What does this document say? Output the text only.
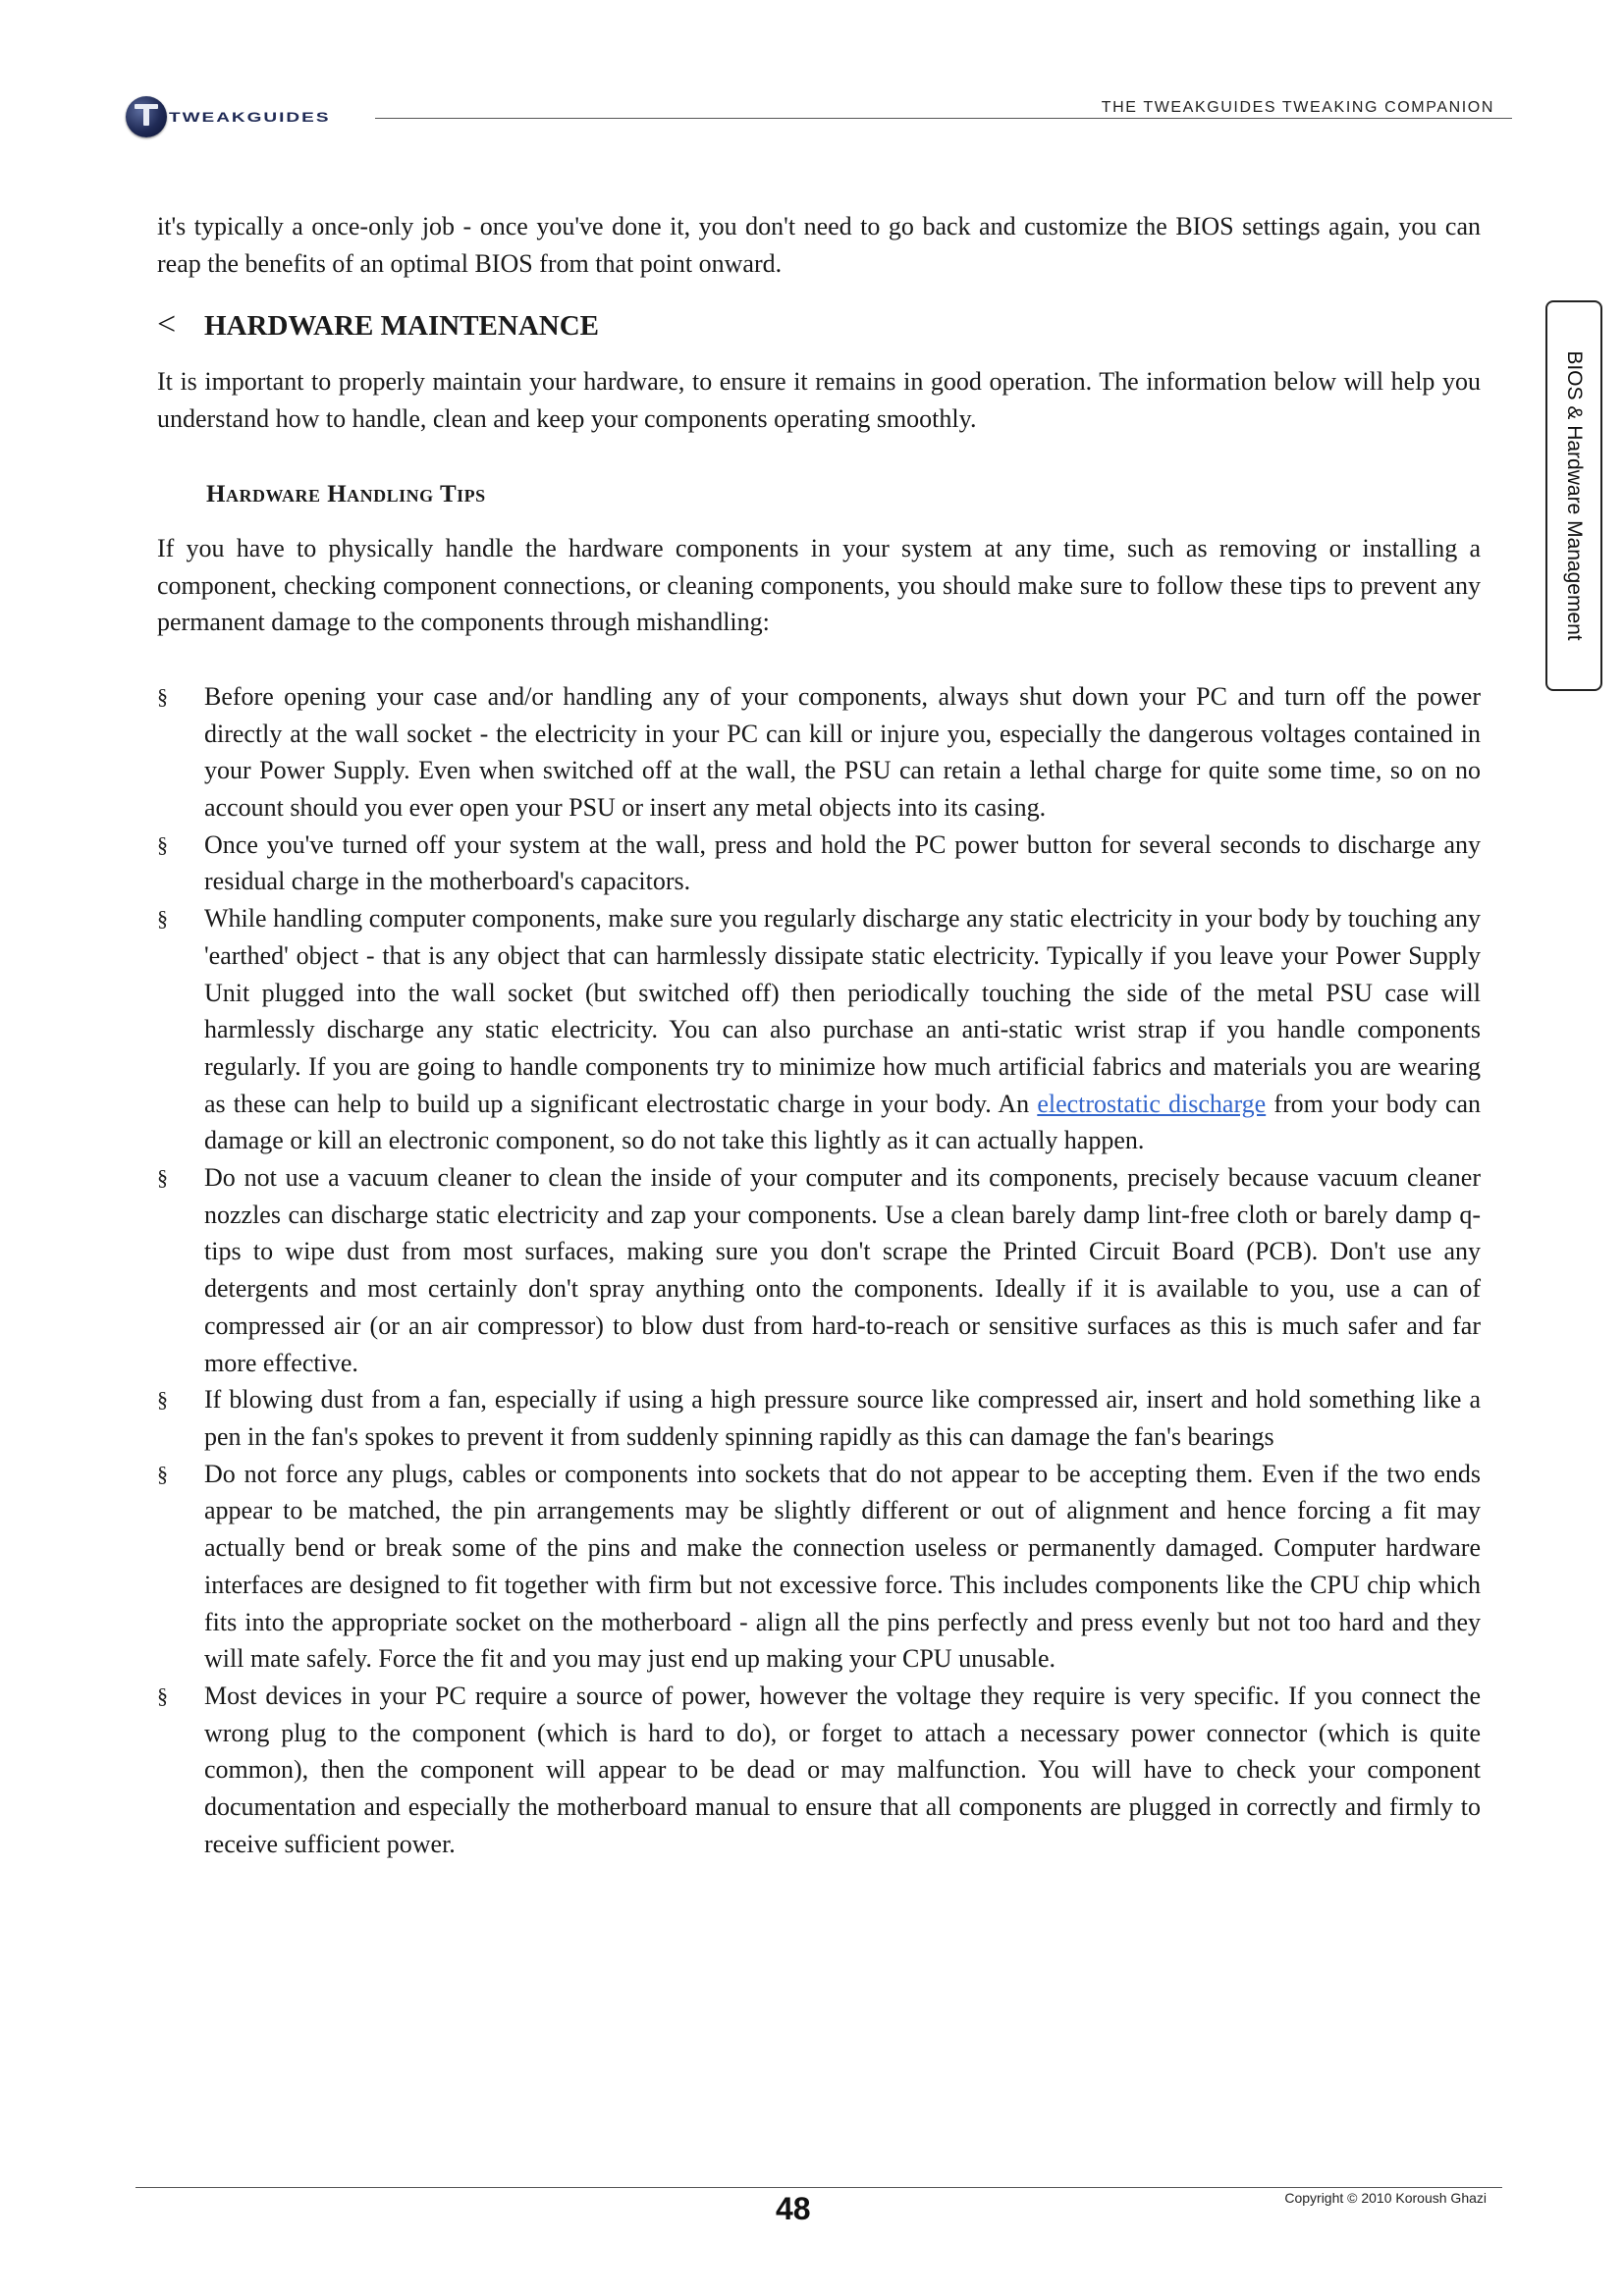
TWEAKGUIDES
THE TWEAKGUIDES TWEAKING COMPANION
BIOS & Hardware Management

it's typically a once-only job - once you've done it, you don't need to go back and customize the BIOS settings again, you can reap the benefits of an optimal BIOS from that point onward.

< HARDWARE MAINTENANCE

It is important to properly maintain your hardware, to ensure it remains in good operation. The information below will help you understand how to handle, clean and keep your components operating smoothly.

Hardware Handling Tips

If you have to physically handle the hardware components in your system at any time, such as removing or installing a component, checking component connections, or cleaning components, you should make sure to follow these tips to prevent any permanent damage to the components through mishandling:

§ Before opening your case and/or handling any of your components, always shut down your PC and turn off the power directly at the wall socket - the electricity in your PC can kill or injure you, especially the dangerous voltages contained in your Power Supply. Even when switched off at the wall, the PSU can retain a lethal charge for quite some time, so on no account should you ever open your PSU or insert any metal objects into its casing.

§ Once you've turned off your system at the wall, press and hold the PC power button for several seconds to discharge any residual charge in the motherboard's capacitors.

§ While handling computer components, make sure you regularly discharge any static electricity in your body by touching any 'earthed' object - that is any object that can harmlessly dissipate static electricity. Typically if you leave your Power Supply Unit plugged into the wall socket (but switched off) then periodically touching the side of the metal PSU case will harmlessly discharge any static electricity. You can also purchase an anti-static wrist strap if you handle components regularly. If you are going to handle components try to minimize how much artificial fabrics and materials you are wearing as these can help to build up a significant electrostatic charge in your body. An electrostatic discharge from your body can damage or kill an electronic component, so do not take this lightly as it can actually happen.

§ Do not use a vacuum cleaner to clean the inside of your computer and its components, precisely because vacuum cleaner nozzles can discharge static electricity and zap your components. Use a clean barely damp lint-free cloth or barely damp q-tips to wipe dust from most surfaces, making sure you don't scrape the Printed Circuit Board (PCB). Don't use any detergents and most certainly don't spray anything onto the components. Ideally if it is available to you, use a can of compressed air (or an air compressor) to blow dust from hard-to-reach or sensitive surfaces as this is much safer and far more effective.

§ If blowing dust from a fan, especially if using a high pressure source like compressed air, insert and hold something like a pen in the fan's spokes to prevent it from suddenly spinning rapidly as this can damage the fan's bearings

§ Do not force any plugs, cables or components into sockets that do not appear to be accepting them. Even if the two ends appear to be matched, the pin arrangements may be slightly different or out of alignment and hence forcing a fit may actually bend or break some of the pins and make the connection useless or permanently damaged. Computer hardware interfaces are designed to fit together with firm but not excessive force. This includes components like the CPU chip which fits into the appropriate socket on the motherboard - align all the pins perfectly and press evenly but not too hard and they will mate safely. Force the fit and you may just end up making your CPU unusable.

§ Most devices in your PC require a source of power, however the voltage they require is very specific. If you connect the wrong plug to the component (which is hard to do), or forget to attach a necessary power connector (which is quite common), then the component will appear to be dead or may malfunction. You will have to check your component documentation and especially the motherboard manual to ensure that all components are plugged in correctly and firmly to receive sufficient power.

48	Copyright © 2010 Koroush Ghazi
